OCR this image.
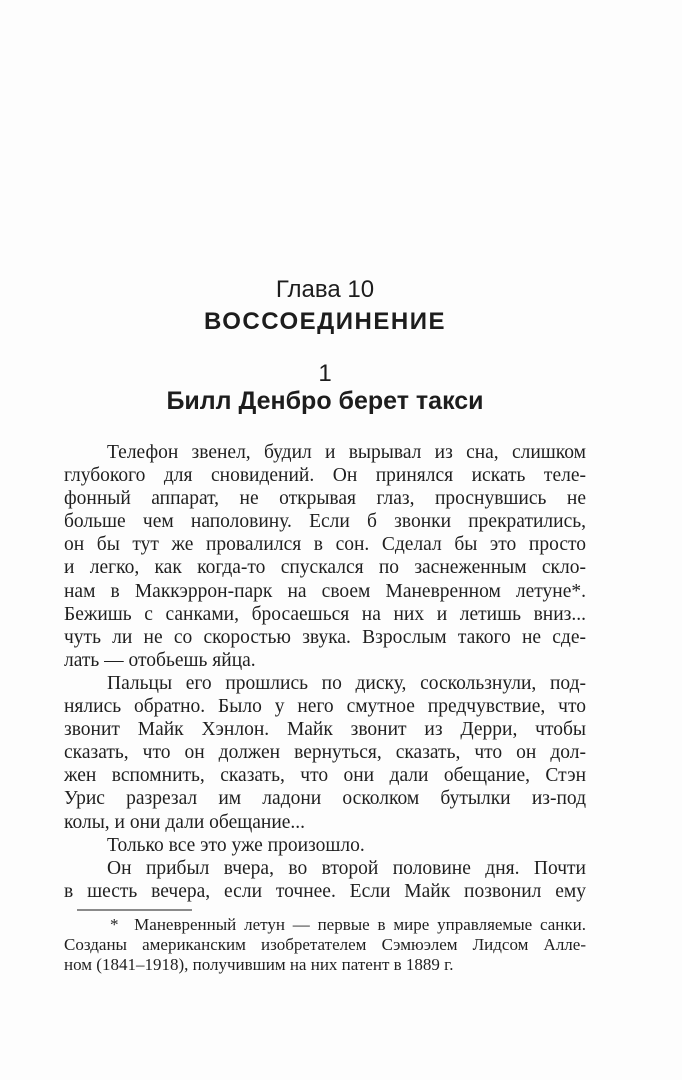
Глава 10
ВОССОЕДИНЕНИЕ
1
Билл Денбро берет такси
Телефон звенел, будил и вырывал из сна, слишком
глубокого для сновидений. Он принялся искать теле-
фонный аппарат, не открывая глаз, проснувшись не
больше чем наполовину. Если б звонки прекратились,
он бы тут же провалился в сон. Сделал бы это просто
и легко, как когда-то спускался по заснеженным скло-
нам в Маккэррон-парк на своем Маневренном летуне*.
Бежишь с санками, бросаешься на них и летишь вниз...
чуть ли не со скоростью звука. Взрослым такого не сде-
лать — отобьешь яйца.
Пальцы его прошлись по диску, соскользнули, под-
нялись обратно. Было у него смутное предчувствие, что
звонит Майк Хэнлон. Майк звонит из Дерри, чтобы
сказать, что он должен вернуться, сказать, что он дол-
жен вспомнить, сказать, что они дали обещание, Стэн
Урис разрезал им ладони осколком бутылки из-под
колы, и они дали обещание...
Только все это уже произошло.
Он прибыл вчера, во второй половине дня. Почти
в шесть вечера, если точнее. Если Майк позвонил ему
*  Маневренный летун — первые в мире управляемые санки.
Созданы американским изобретателем Сэмюэлем Лидсом Алле-
ном (1841–1918), получившим на них патент в 1889 г.
